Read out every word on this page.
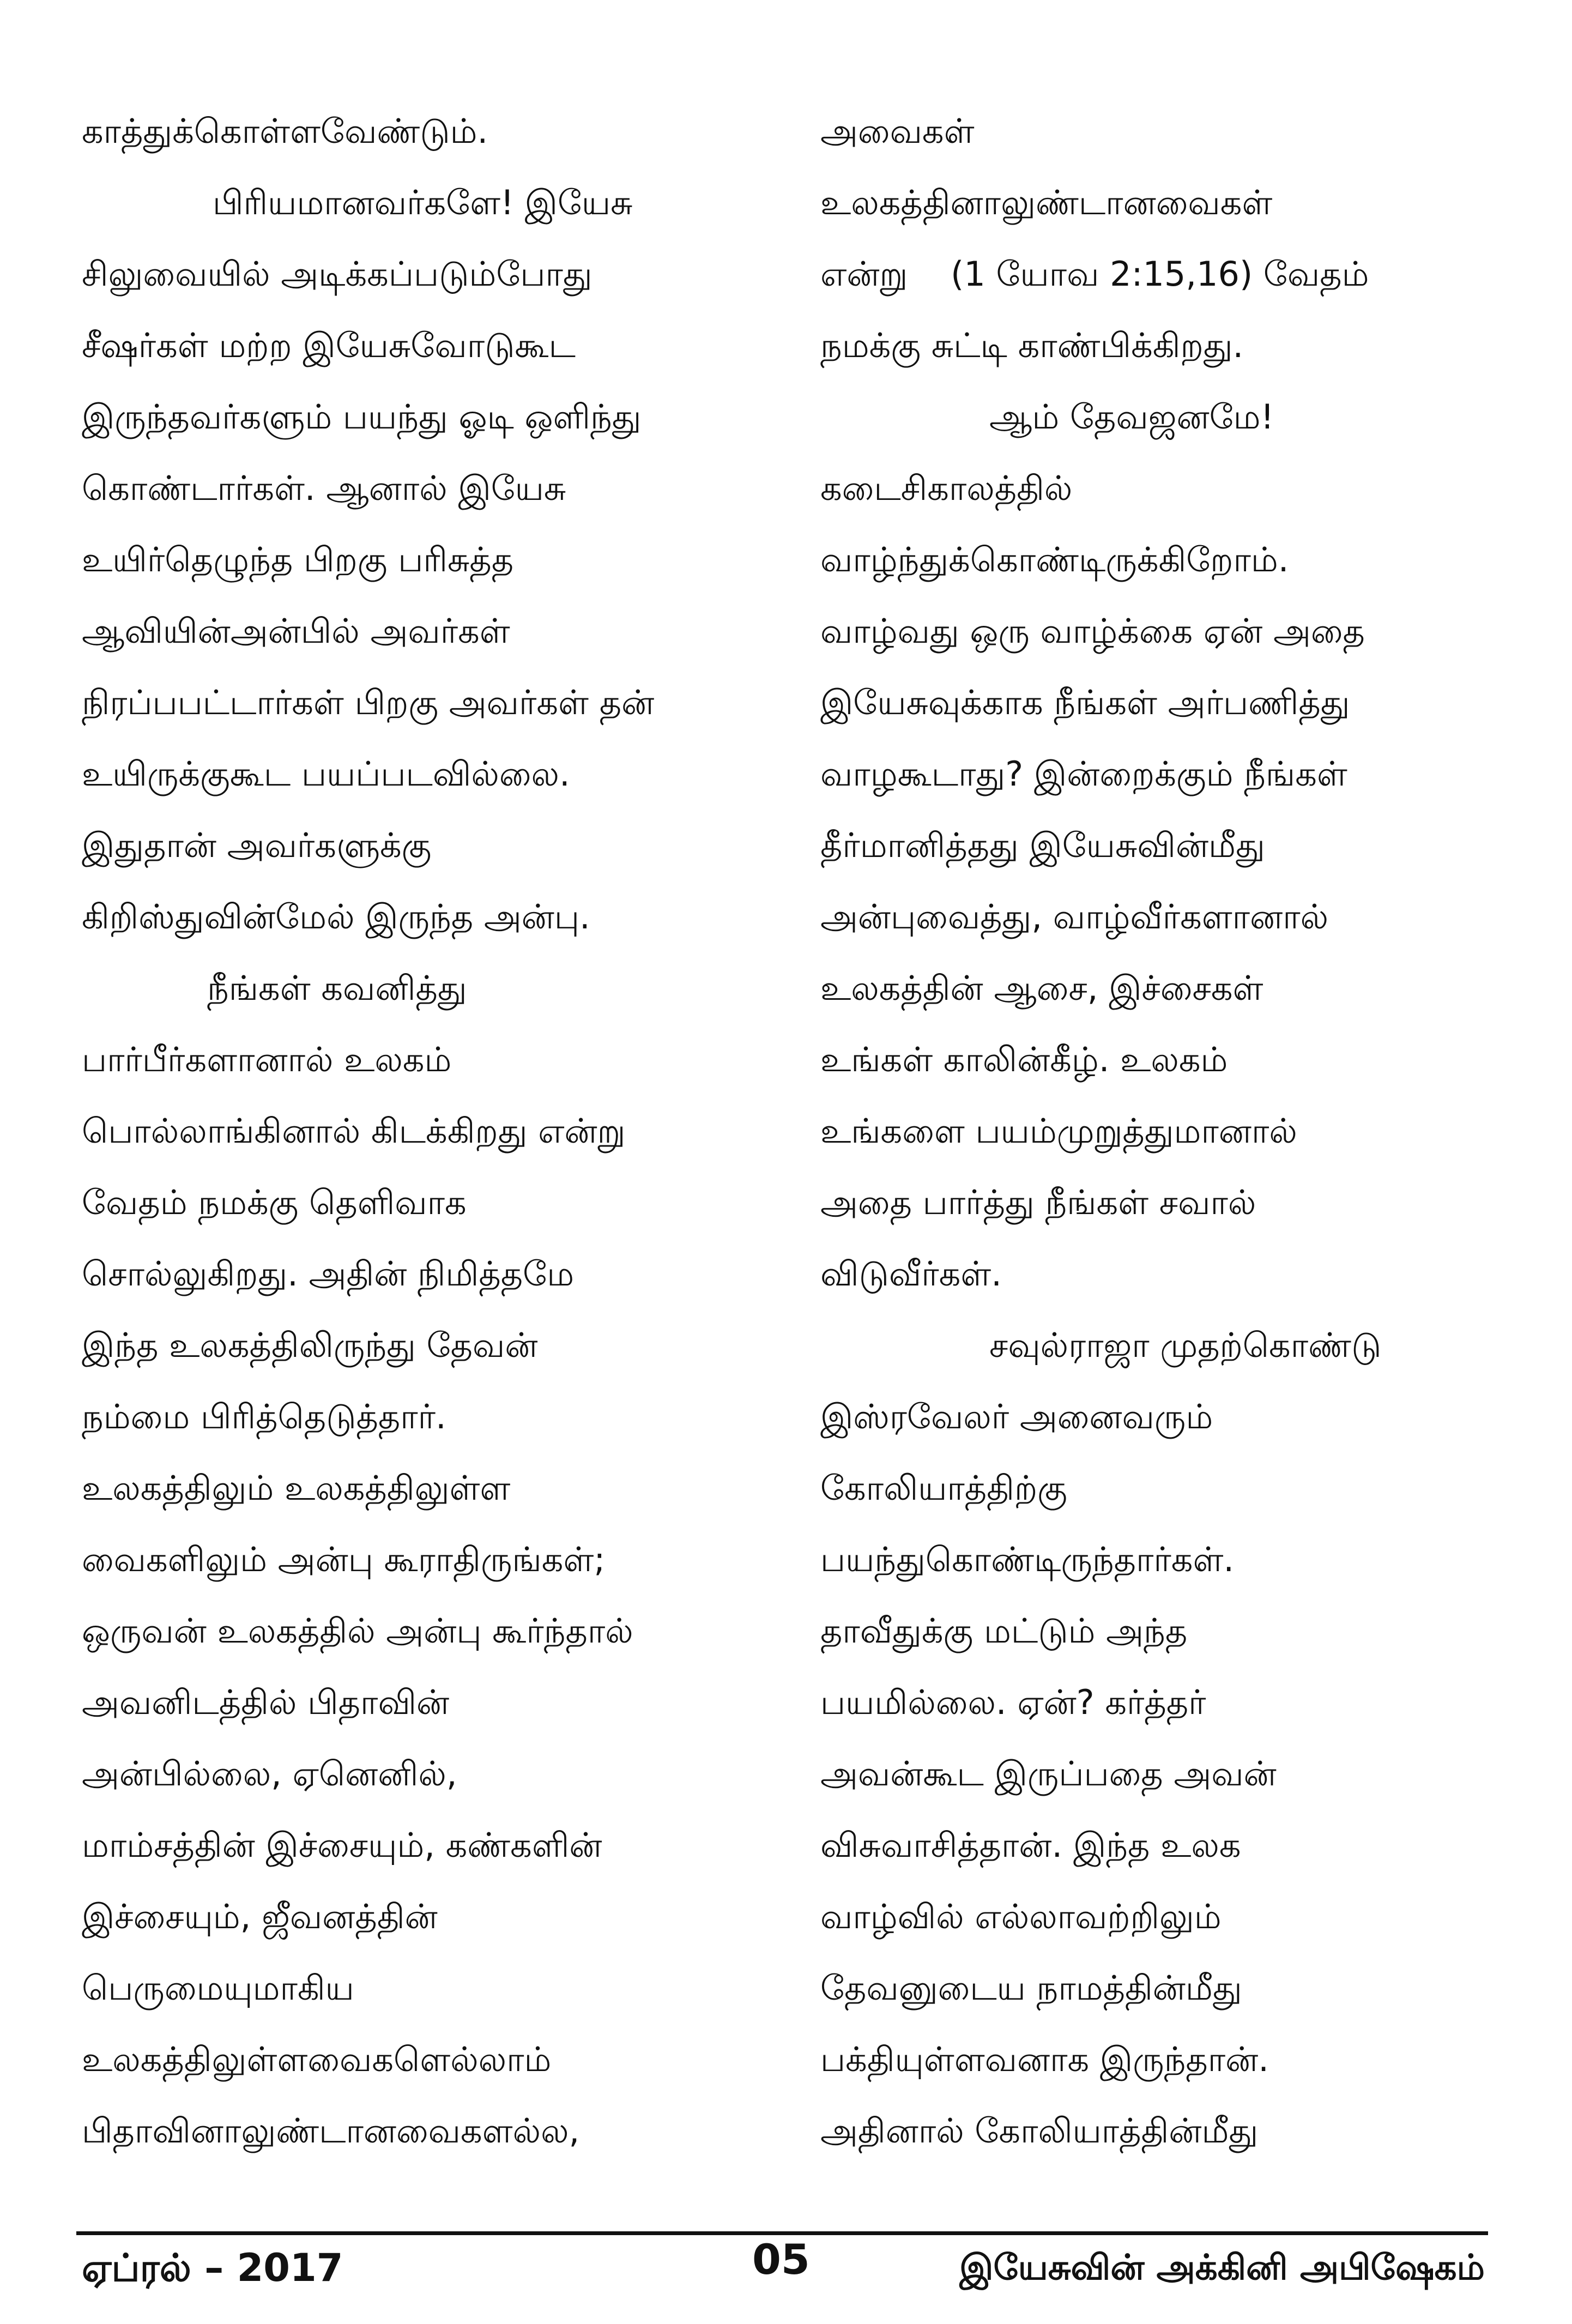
காத்துக்கொள்ளவேண்டும்.
பிரியமானவர்களே! இயேசு
சிலுவையில் அடிக்கப்படும்போது
சீஷர்கள் மற்ற இயேசுவோடுகூட
இருந்தவர்களும் பயந்து ஓடி ஒளிந்து
கொண்டார்கள். ஆனால் இயேசு
உயிர்தெழுந்த பிறகு பரிசுத்த
ஆவியின்அன்பில் அவர்கள்
நிரப்பபட்டார்கள் பிறகு அவர்கள் தன்
உயிருக்குகூட பயப்படவில்லை.
இதுதான் அவர்களுக்கு
கிறிஸ்துவின்மேல் இருந்த அன்பு.
நீங்கள் கவனித்து
பார்பீர்களானால் உலகம்
பொல்லாங்கினால் கிடக்கிறது என்று
வேதம் நமக்கு தெளிவாக
சொல்லுகிறது. அதின் நிமித்தமே
இந்த உலகத்திலிருந்து தேவன்
நம்மை பிரித்தெடுத்தார்.
உலகத்திலும் உலகத்திலுள்ள
வைகளிலும் அன்பு கூராதிருங்கள்;
ஒருவன் உலகத்தில் அன்பு கூர்ந்தால்
அவனிடத்தில் பிதாவின்
அன்பில்லை, ஏனெனில்,
மாம்சத்தின் இச்சையும், கண்களின்
இச்சையும், ஜீவனத்தின்
பெருமையுமாகிய
உலகத்திலுள்ளவைகளெல்லாம்
பிதாவினாலுண்டானவைகளல்ல,
அவைகள்
உலகத்தினாலுண்டானவைகள்
என்று    (1 யோவ 2:15,16) வேதம்
நமக்கு சுட்டி காண்பிக்கிறது.
ஆம் தேவஜனமே!
கடைசிகாலத்தில்
வாழ்ந்துக்கொண்டிருக்கிறோம்.
வாழ்வது ஒரு வாழ்க்கை ஏன் அதை
இயேசுவுக்காக நீங்கள் அர்பணித்து
வாழகூடாது? இன்றைக்கும் நீங்கள்
தீர்மானித்தது இயேசுவின்மீது
அன்புவைத்து, வாழ்வீர்களானால்
உலகத்தின் ஆசை, இச்சைகள்
உங்கள் காலின்கீழ். உலகம்
உங்களை பயம்முறுத்துமானால்
அதை பார்த்து நீங்கள் சவால்
விடுவீர்கள்.
சவுல்ராஜா முதற்கொண்டு
இஸ்ரவேலர் அனைவரும்
கோலியாத்திற்கு
பயந்துகொண்டிருந்தார்கள்.
தாவீதுக்கு மட்டும் அந்த
பயமில்லை. ஏன்? கர்த்தர்
அவன்கூட இருப்பதை அவன்
விசுவாசித்தான். இந்த உலக
வாழ்வில் எல்லாவற்றிலும்
தேவனுடைய நாமத்தின்மீது
பக்தியுள்ளவனாக இருந்தான்.
அதினால் கோலியாத்தின்மீது
ஏப்ரல் – 2017	05	இயேசுவின் அக்கினி அபிஷேகம்
